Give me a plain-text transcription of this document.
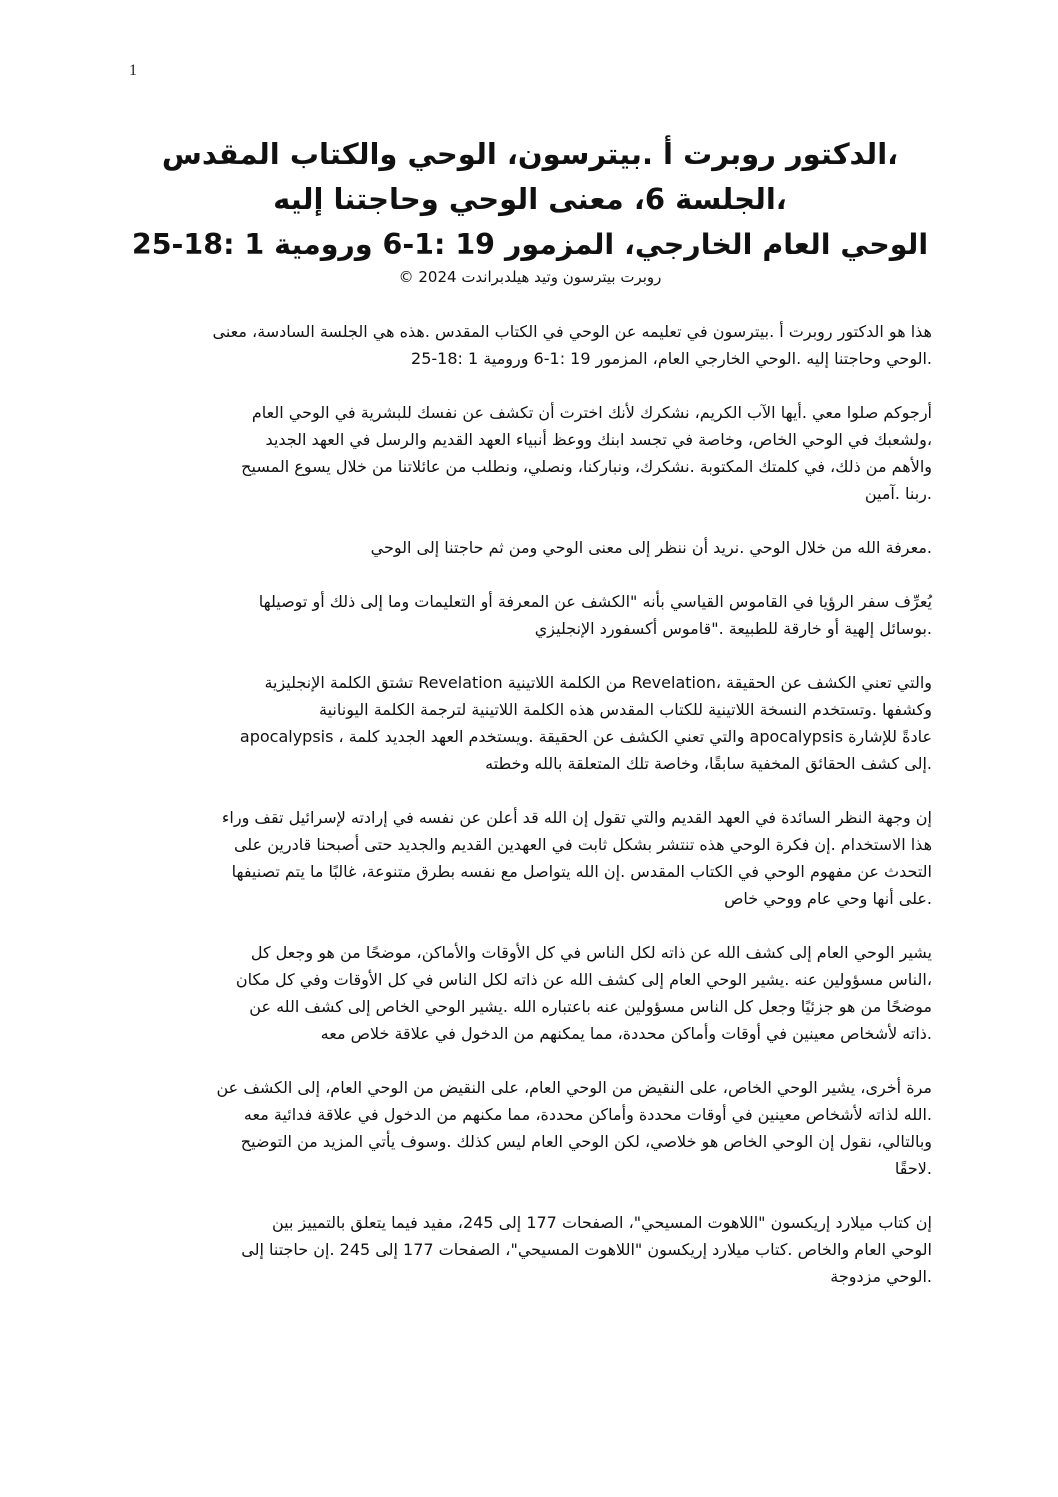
1
،الدكتور روبرت أ .بيترسون، الوحي والكتاب المقدس
،الجلسة 6، معنى الوحي وحاجتنا إليه
الوحي العام الخارجي، المزمور 19 :1-6 ورومية 1 :18-25
روبرت بيترسون وتيد هيلدبراندت 2024 ©
هذا هو الدكتور روبرت أ .بيترسون في تعليمه عن الوحي في الكتاب المقدس .هذه هي الجلسة السادسة، معنى
.الوحي وحاجتنا إليه .الوحي الخارجي العام، المزمور 19 :1-6 ورومية 1 :18-25
أرجوكم صلوا معي .أيها الآب الكريم، نشكرك لأنك اخترت أن تكشف عن نفسك للبشرية في الوحي العام
،ولشعبك في الوحي الخاص، وخاصة في تجسد ابنك ووعظ أنبياء العهد القديم والرسل في العهد الجديد
والأهم من ذلك، في كلمتك المكتوبة .نشكرك، ونباركنا، ونصلي، ونطلب من عائلاتنا من خلال يسوع المسيح
.ربنا .آمين
.معرفة الله من خلال الوحي .نريد أن ننظر إلى معنى الوحي ومن ثم حاجتنا إلى الوحي
يُعرِّف سفر الرؤيا في القاموس القياسي بأنه "الكشف عن المعرفة أو التعليمات وما إلى ذلك أو توصيلها
.بوسائل إلهية أو خارقة للطبيعة ."قاموس أكسفورد الإنجليزي
والتي تعني الكشف عن الحقيقة ،Revelation من الكلمة اللاتينية Revelation تشتق الكلمة الإنجليزية
وكشفها .وتستخدم النسخة اللاتينية للكتاب المقدس هذه الكلمة اللاتينية لترجمة الكلمة اليونانية
عادةً للإشارة apocalypsis والتي تعني الكشف عن الحقيقة .ويستخدم العهد الجديد كلمة ، apocalypsis
.إلى كشف الحقائق المخفية سابقًا، وخاصة تلك المتعلقة بالله وخطته
إن وجهة النظر السائدة في العهد القديم والتي تقول إن الله قد أعلن عن نفسه في إرادته لإسرائيل تقف وراء
هذا الاستخدام .إن فكرة الوحي هذه تنتشر بشكل ثابت في العهدين القديم والجديد حتى أصبحنا قادرين على
التحدث عن مفهوم الوحي في الكتاب المقدس .إن الله يتواصل مع نفسه بطرق متنوعة، غالبًا ما يتم تصنيفها
.على أنها وحي عام ووحي خاص
يشير الوحي العام إلى كشف الله عن ذاته لكل الناس في كل الأوقات والأماكن، موضحًا من هو وجعل كل
،الناس مسؤولين عنه .يشير الوحي العام إلى كشف الله عن ذاته لكل الناس في كل الأوقات وفي كل مكان
موضحًا من هو جزئيًا وجعل كل الناس مسؤولين عنه باعتباره الله .يشير الوحي الخاص إلى كشف الله عن
.ذاته لأشخاص معينين في أوقات وأماكن محددة، مما يمكنهم من الدخول في علاقة خلاص معه
مرة أخرى، يشير الوحي الخاص، على النقيض من الوحي العام، على النقيض من الوحي العام، إلى الكشف عن
.الله لذاته لأشخاص معينين في أوقات محددة وأماكن محددة، مما مكنهم من الدخول في علاقة فدائية معه
وبالتالي، نقول إن الوحي الخاص هو خلاصي، لكن الوحي العام ليس كذلك .وسوف يأتي المزيد من التوضيح
.لاحقًا
إن كتاب ميلارد إريكسون "اللاهوت المسيحي"، الصفحات 177 إلى 245، مفيد فيما يتعلق بالتمييز بين
الوحي العام والخاص .كتاب ميلارد إريكسون "اللاهوت المسيحي"، الصفحات 177 إلى 245 .إن حاجتنا إلى
.الوحي مزدوجة
